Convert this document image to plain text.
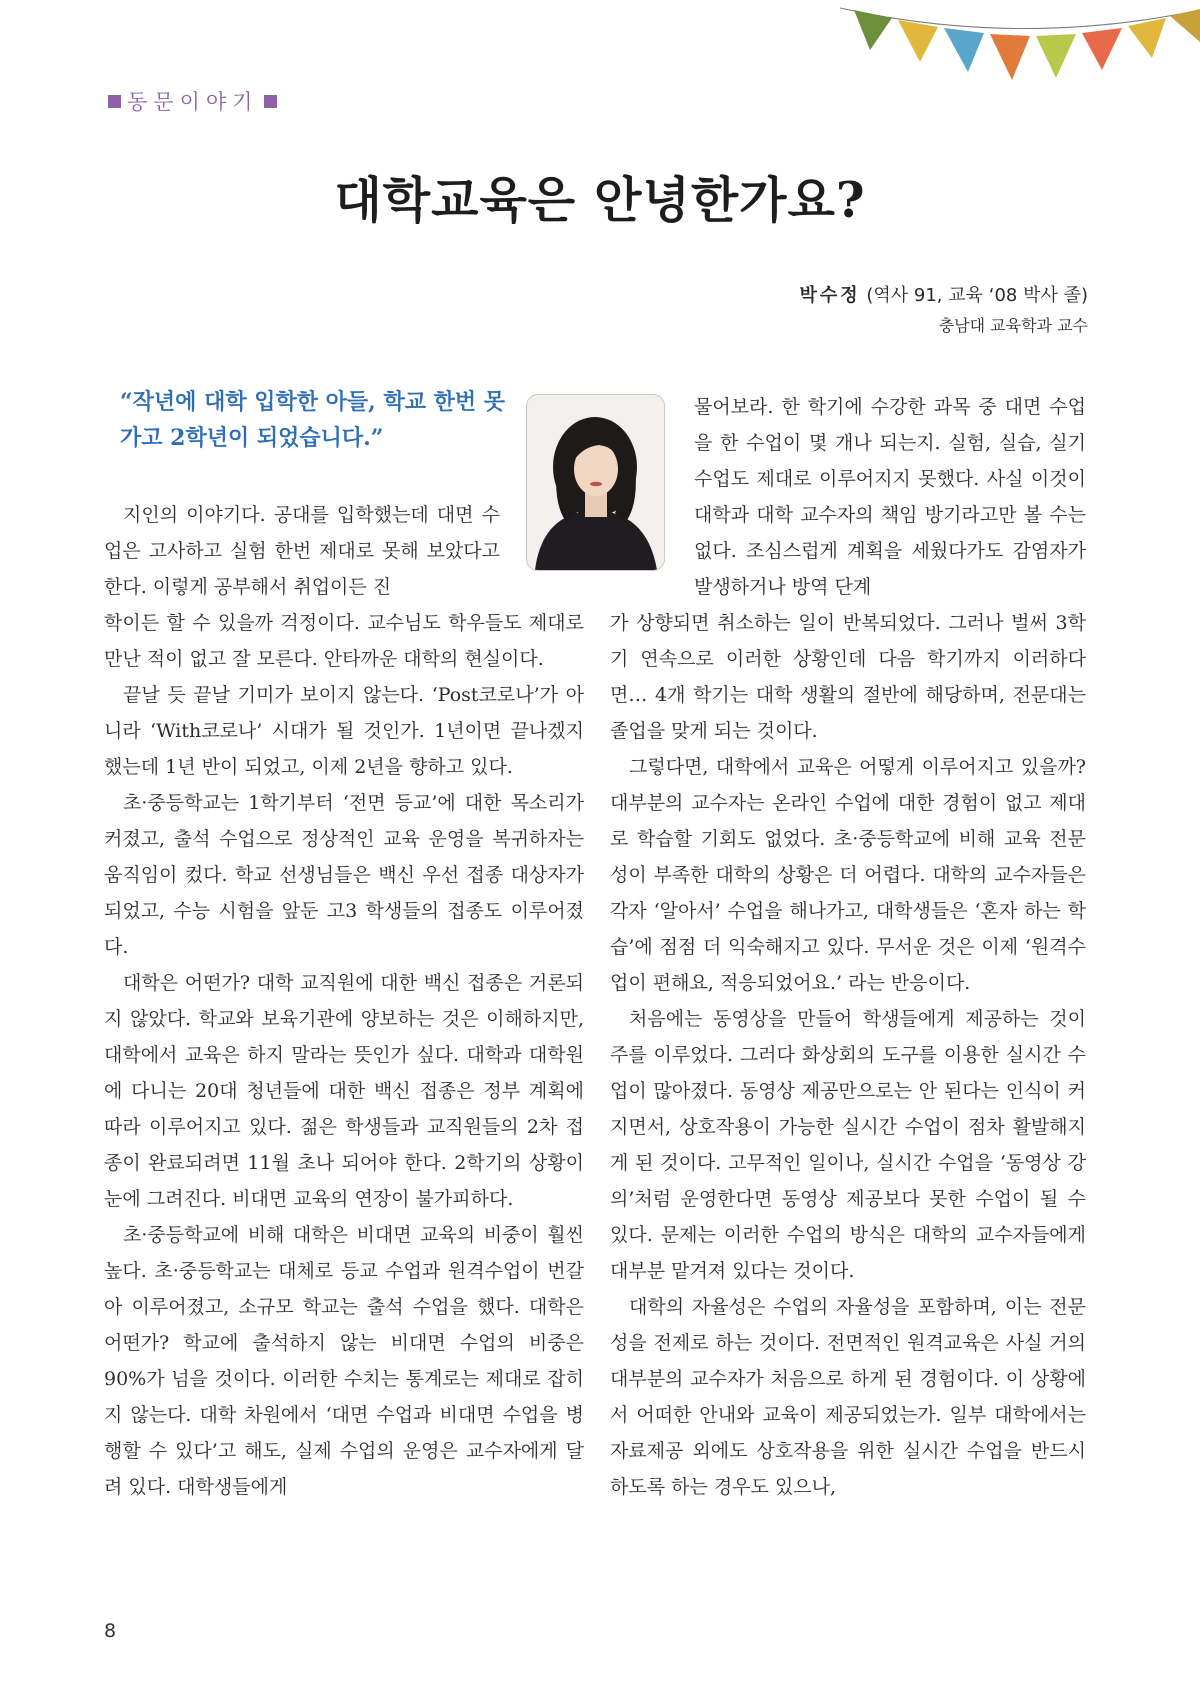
동문이야기
대학교육은 안녕한가요?
박수정 (역사 91, 교육 ‘08 박사 졸)
충남대 교육학과 교수
“작년에 대학 입학한 아들, 학교 한번 못가고 2학년이 되었습니다.”

지인의 이야기다. 공대를 입학했는데 대면 수업은 고사하고 실험 한번 제대로 못해 보았다고 한다. 이렇게 공부해서 취업이든 진

학이든 할 수 있을까 걱정이다. 교수님도 학우들도 제대로 만난 적이 없고 잘 모른다. 안타까운 대학의 현실이다.

끝날 듯 끝날 기미가 보이지 않는다. ‘Post코로나’가 아니라 ‘With코로나’ 시대가 될 것인가. 1년이면 끝나겠지 했는데 1년 반이 되었고, 이제 2년을 향하고 있다.

초·중등학교는 1학기부터 ‘전면 등교’에 대한 목소리가 커졌고, 출석 수업으로 정상적인 교육 운영을 복귀하자는 움직임이 컸다. 학교 선생님들은 백신 우선 접종 대상자가 되었고, 수능 시험을 앞둔 고3 학생들의 접종도 이루어졌다.

대학은 어떤가? 대학 교직원에 대한 백신 접종은 거론되지 않았다. 학교와 보육기관에 양보하는 것은 이해하지만, 대학에서 교육은 하지 말라는 뜻인가 싶다. 대학과 대학원에 다니는 20대 청년들에 대한 백신 접종은 정부 계획에 따라 이루어지고 있다. 젊은 학생들과 교직원들의 2차 접종이 완료되려면 11월 초나 되어야 한다. 2학기의 상황이 눈에 그려진다. 비대면 교육의 연장이 불가피하다.

초·중등학교에 비해 대학은 비대면 교육의 비중이 훨씬 높다. 초·중등학교는 대체로 등교 수업과 원격수업이 번갈아 이루어졌고, 소규모 학교는 출석 수업을 했다. 대학은 어떤가? 학교에 출석하지 않는 비대면 수업의 비중은 90%가 넘을 것이다. 이러한 수치는 통계로는 제대로 잡히지 않는다. 대학 차원에서 ‘대면 수업과 비대면 수업을 병행할 수 있다’고 해도, 실제 수업의 운영은 교수자에게 달려 있다. 대학생들에게

물어보라. 한 학기에 수강한 과목 중 대면 수업을 한 수업이 몇 개나 되는지. 실험, 실습, 실기 수업도 제대로 이루어지지 못했다. 사실 이것이 대학과 대학 교수자의 책임 방기라고만 볼 수는 없다. 조심스럽게 계획을 세웠다가도 감염자가 발생하거나 방역 단계

가 상향되면 취소하는 일이 반복되었다. 그러나 벌써 3학기 연속으로 이러한 상황인데 다음 학기까지 이러하다면… 4개 학기는 대학 생활의 절반에 해당하며, 전문대는 졸업을 맞게 되는 것이다.

그렇다면, 대학에서 교육은 어떻게 이루어지고 있을까? 대부분의 교수자는 온라인 수업에 대한 경험이 없고 제대로 학습할 기회도 없었다. 초·중등학교에 비해 교육 전문성이 부족한 대학의 상황은 더 어렵다. 대학의 교수자들은 각자 ‘알아서’ 수업을 해나가고, 대학생들은 ‘혼자 하는 학습’에 점점 더 익숙해지고 있다. 무서운 것은 이제 ‘원격수업이 편해요, 적응되었어요.’ 라는 반응이다.

처음에는 동영상을 만들어 학생들에게 제공하는 것이 주를 이루었다. 그러다 화상회의 도구를 이용한 실시간 수업이 많아졌다. 동영상 제공만으로는 안 된다는 인식이 커지면서, 상호작용이 가능한 실시간 수업이 점차 활발해지게 된 것이다. 고무적인 일이나, 실시간 수업을 ‘동영상 강의’처럼 운영한다면 동영상 제공보다 못한 수업이 될 수 있다. 문제는 이러한 수업의 방식은 대학의 교수자들에게 대부분 맡겨져 있다는 것이다.

대학의 자율성은 수업의 자율성을 포함하며, 이는 전문성을 전제로 하는 것이다. 전면적인 원격교육은 사실 거의 대부분의 교수자가 처음으로 하게 된 경험이다. 이 상황에서 어떠한 안내와 교육이 제공되었는가. 일부 대학에서는 자료제공 외에도 상호작용을 위한 실시간 수업을 반드시 하도록 하는 경우도 있으나,

8
